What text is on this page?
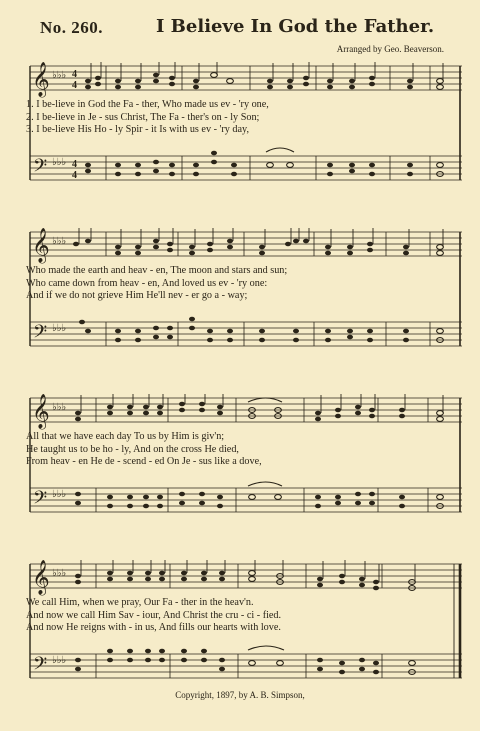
No. 260.	I Believe In God the Father.
Arranged by Geo. Beaverson.
𝄞
𝄢
♭♭♭
♭♭♭
4
4
4
4
1. I be-lieve in God the Fa - ther, Who made us ev - 'ry one,
2. I be-lieve in Je - sus Christ, The Fa - ther's on - ly Son;
3. I be-lieve His Ho - ly Spir - it Is with us ev - 'ry day,
𝄞
𝄢
♭♭♭
♭♭♭
Who made the earth and heav - en, The moon and stars and sun;
Who came down from heav - en, And loved us ev - 'ry one:
And if we do not grieve Him He'll nev - er go a - way;
𝄞
𝄢
♭♭♭
♭♭♭
All that we have each day To us by Him is giv'n;
He taught us to be ho - ly, And on the cross He died,
From heav - en He de - scend - ed On Je - sus like a dove,
𝄞
𝄢
♭♭♭
♭♭♭
We call Him, when we pray, Our Fa - ther in the heav'n.
And now we call Him Sav - iour, And Christ the cru - ci - fied.
And now He reigns with - in us, And fills our hearts with love.
Copyright, 1897, by A. B. Simpson,
